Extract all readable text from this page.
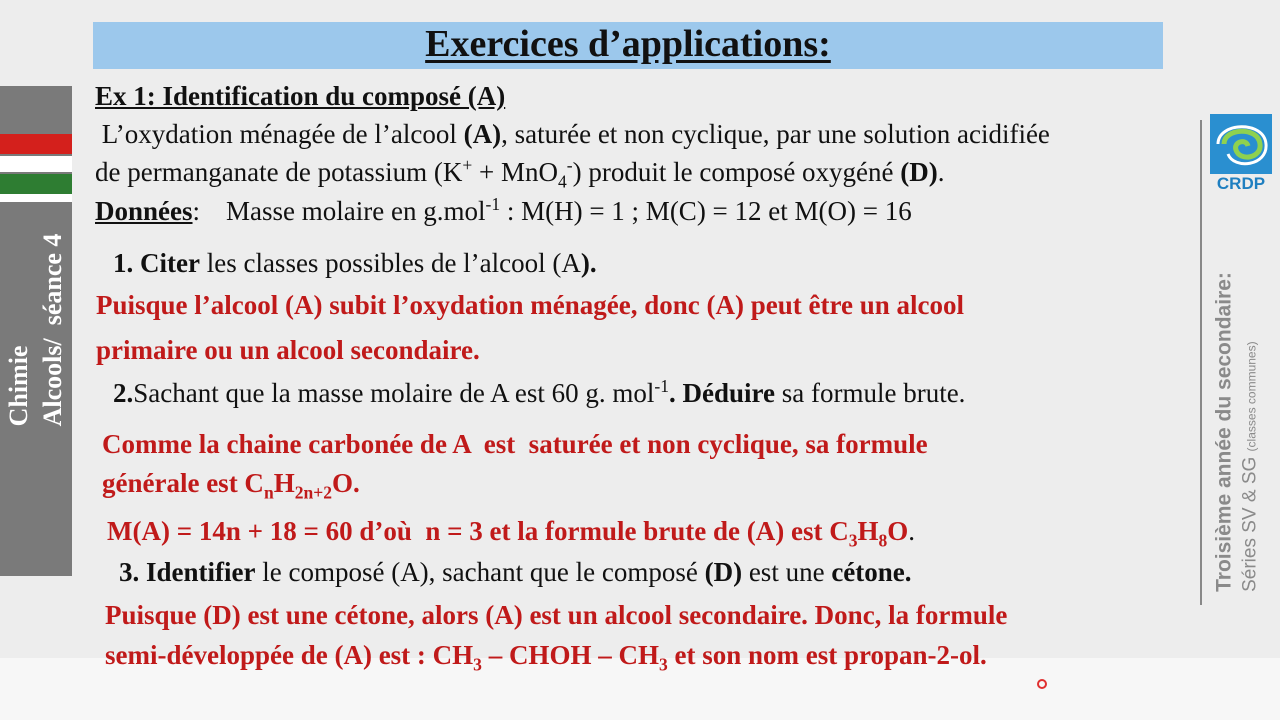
Exercices d’applications:
Chimie Alcools/  séance 4
CRDP
Troisième année du secondaire: Séries SV & SG (classes communes)
Ex 1: Identification du composé (A)
L’oxydation ménagée de l’alcool (A), saturée et non cyclique, par une solution acidifiée
de permanganate de potassium (K+ + MnO$_4$-) produit le composé oxygéné (D).
Données: Masse molaire en g.mol$^{-1}$ : M(H) = 1 ; M(C) = 12 et M(O) = 16
1. Citer les classes possibles de l’alcool (A).
Puisque l’alcool (A) subit l’oxydation ménagée, donc (A) peut être un alcool
primaire ou un alcool secondaire.
2.Sachant que la masse molaire de A est 60 g. mol$^{-1}$. Déduire sa formule brute.
Comme la chaine carbonée de A  est  saturée et non cyclique, sa formule
générale est $C_nH_{2n+2}O$.
M(A) = 14n + 18 = 60 d’où  n = 3 et la formule brute de (A) est $C_3H_8O$.
3. Identifier le composé (A), sachant que le composé (D) est une cétone.
Puisque (D) est une cétone, alors (A) est un alcool secondaire. Donc, la formule
semi-développée de (A) est : $CH_3$ – CHOH – $CH_3$ et son nom est propan-2-ol.
